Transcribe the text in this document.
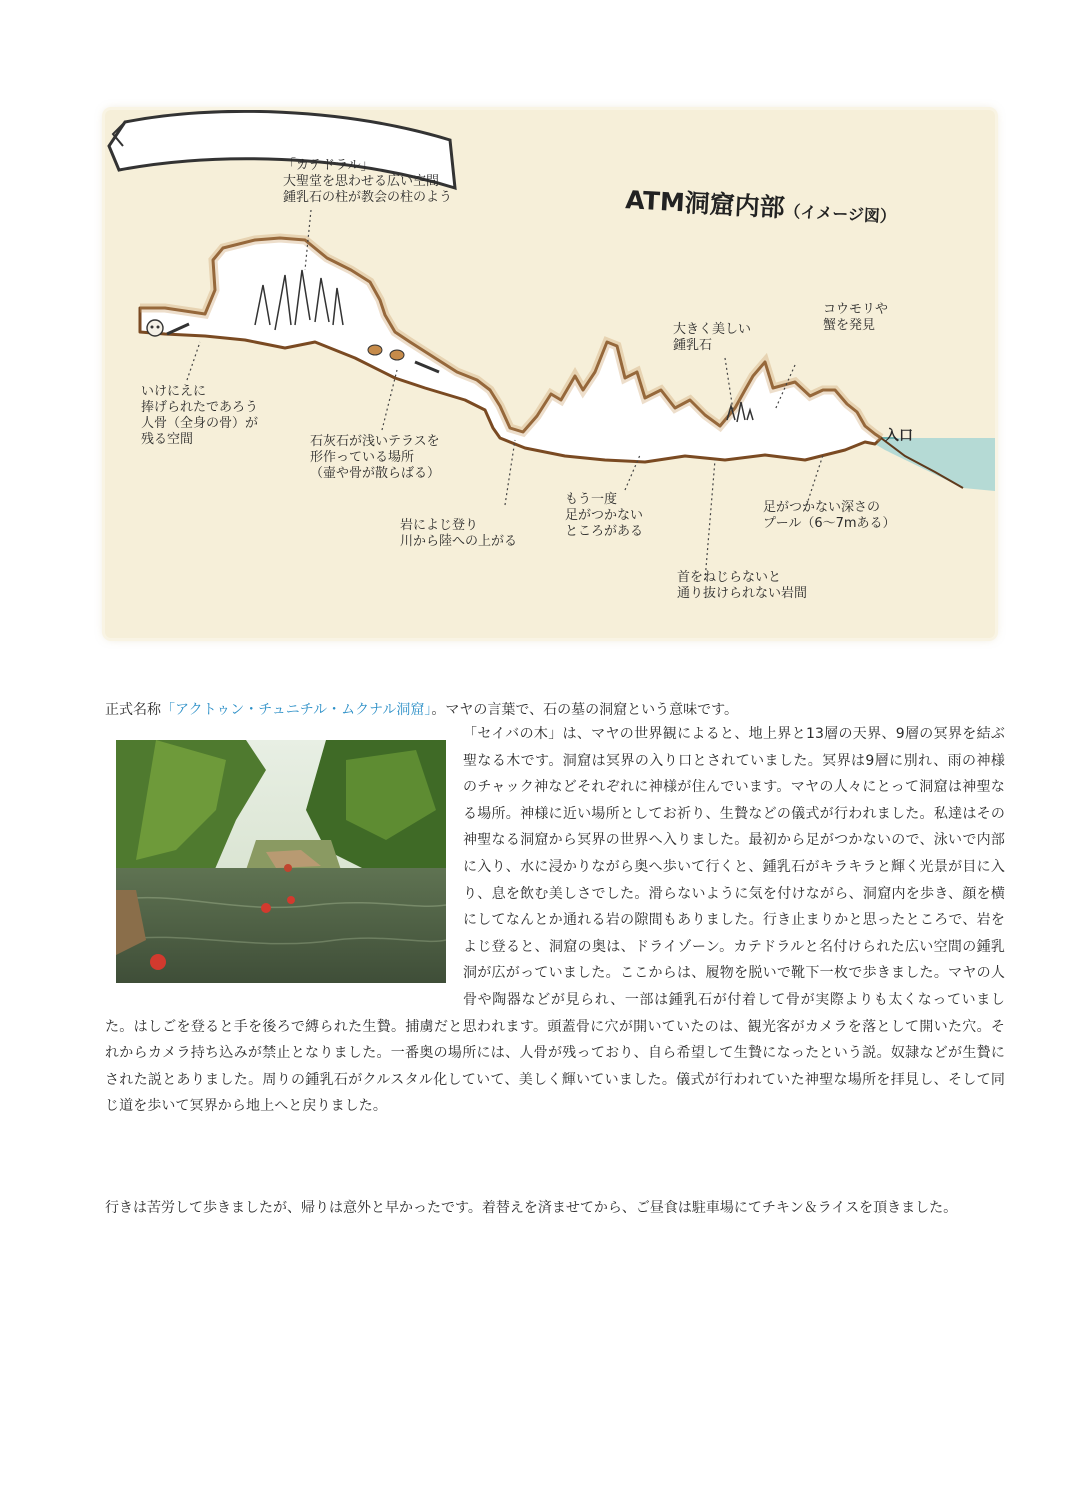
ATM洞窟内部（イメージ図）
入口
「カテドラル」
大聖堂を思わせる広い空間
鍾乳石の柱が教会の柱のよう
いけにえに
捧げられたであろう
人骨（全身の骨）が
残る空間	石灰石が浅いテラスを
形作っている場所
（壷や骨が散らばる）
岩によじ登り
川から陸への上がる
もう一度
足がつかない
ところがある
首をねじらないと
通り抜けられない岩間
大きく美しい
鍾乳石
コウモリや
蟹を発見
足がつかない深さの
プール（6〜7mある）
正式名称「アクトゥン・チュニチル・ムクナル洞窟」。マヤの言葉で、石の墓の洞窟という意味です。
「セイバの木」は、マヤの世界観によると、地上界と13層の天界、9層の冥界を結ぶ聖なる木です。洞窟は冥界の入り口とされていました。冥界は9層に別れ、雨の神様のチャック神などそれぞれに神様が住んでいます。マヤの人々にとって洞窟は神聖なる場所。神様に近い場所としてお祈り、生贄などの儀式が行われました。私達はその神聖なる洞窟から冥界の世界へ入りました。最初から足がつかないので、泳いで内部に入り、水に浸かりながら奥へ歩いて行くと、鍾乳石がキラキラと輝く光景が目に入り、息を飲む美しさでした。滑らないように気を付けながら、洞窟内を歩き、顔を横にしてなんとか通れる岩の隙間もありました。行き止まりかと思ったところで、岩をよじ登ると、洞窟の奥は、ドライゾーン。カテドラルと名付けられた広い空間の鍾乳洞が広がっていました。ここからは、履物を脱いで靴下一枚で歩きました。マヤの人骨や陶器などが見られ、一部は鍾乳石が付着して骨が実際よりも太くなっていました。はしごを登ると手を後ろで縛られた生贄。捕虜だと思われます。頭蓋骨に穴が開いていたのは、観光客がカメラを落として開いた穴。それからカメラ持ち込みが禁止となりました。一番奥の場所には、人骨が残っており、自ら希望して生贄になったという説。奴隷などが生贄にされた説とありました。周りの鍾乳石がクルスタル化していて、美しく輝いていました。儀式が行われていた神聖な場所を拝見し、そして同じ道を歩いて冥界から地上へと戻りました。
行きは苦労して歩きましたが、帰りは意外と早かったです。着替えを済ませてから、ご昼食は駐車場にてチキン＆ライスを頂きました。
